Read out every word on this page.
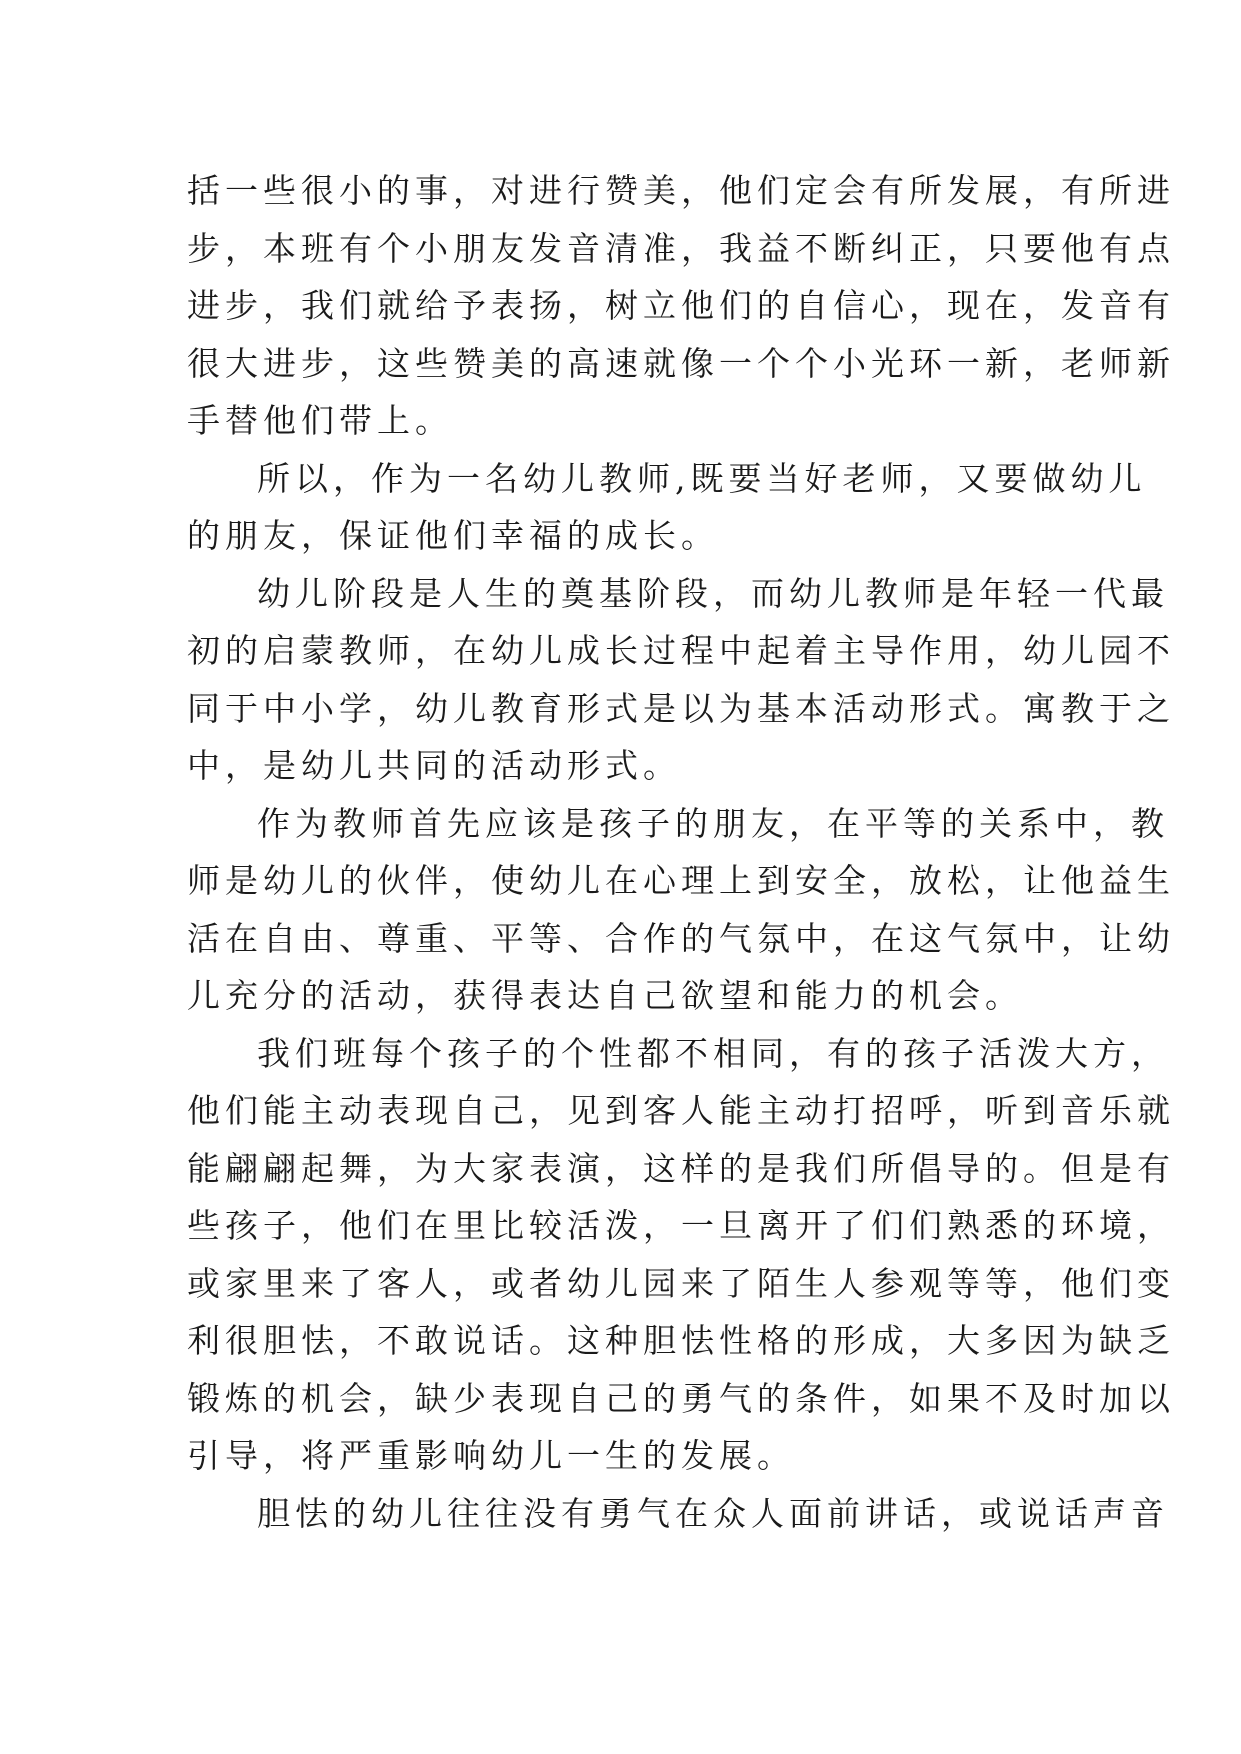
括一些很小的事，对进行赞美，他们定会有所发展，有所进
步，本班有个小朋友发音清准，我益不断纠正，只要他有点
进步，我们就给予表扬，树立他们的自信心，现在，发音有
很大进步，这些赞美的高速就像一个个小光环一新，老师新
手替他们带上。
所以，作为一名幼儿教师,既要当好老师，又要做幼儿
的朋友，保证他们幸福的成长。
幼儿阶段是人生的奠基阶段，而幼儿教师是年轻一代最
初的启蒙教师，在幼儿成长过程中起着主导作用，幼儿园不
同于中小学，幼儿教育形式是以为基本活动形式。寓教于之
中，是幼儿共同的活动形式。
作为教师首先应该是孩子的朋友，在平等的关系中，教
师是幼儿的伙伴，使幼儿在心理上到安全，放松，让他益生
活在自由、尊重、平等、合作的气氛中，在这气氛中，让幼
儿充分的活动，获得表达自己欲望和能力的机会。
我们班每个孩子的个性都不相同，有的孩子活泼大方，
他们能主动表现自己，见到客人能主动打招呼，听到音乐就
能翩翩起舞，为大家表演，这样的是我们所倡导的。但是有
些孩子，他们在里比较活泼，一旦离开了们们熟悉的环境，
或家里来了客人，或者幼儿园来了陌生人参观等等，他们变
利很胆怯，不敢说话。这种胆怯性格的形成，大多因为缺乏
锻炼的机会，缺少表现自己的勇气的条件，如果不及时加以
引导，将严重影响幼儿一生的发展。
胆怯的幼儿往往没有勇气在众人面前讲话，或说话声音
